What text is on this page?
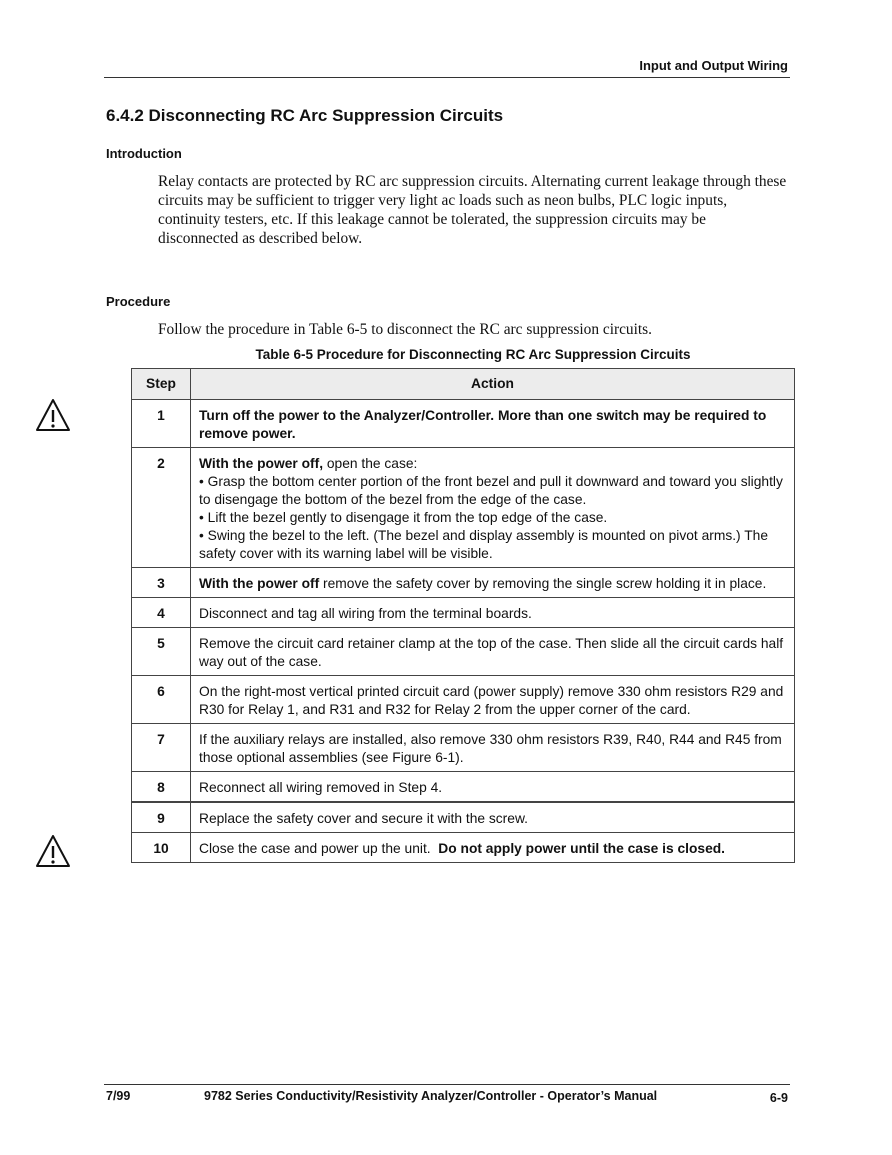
Input and Output Wiring
6.4.2 Disconnecting RC Arc Suppression Circuits
Introduction

Relay contacts are protected by RC arc suppression circuits. Alternating current leakage through these circuits may be sufficient to trigger very light ac loads such as neon bulbs, PLC logic inputs, continuity testers, etc. If this leakage cannot be tolerated, the suppression circuits may be disconnected as described below.

Procedure

Follow the procedure in Table 6-5 to disconnect the RC arc suppression circuits.

Table 6-5 Procedure for Disconnecting RC Arc Suppression Circuits
Step	Action
1	Turn off the power to the Analyzer/Controller. More than one switch may be required to remove power.

2	With the power off, open the case:
• Grasp the bottom center portion of the front bezel and pull it downward and toward you slightly to disengage the bottom of the bezel from the edge of the case.
• Lift the bezel gently to disengage it from the top edge of the case.
• Swing the bezel to the left. (The bezel and display assembly is mounted on pivot arms.) The safety cover with its warning label will be visible.

3	With the power off remove the safety cover by removing the single screw holding it in place.

4	Disconnect and tag all wiring from the terminal boards.

5	Remove the circuit card retainer clamp at the top of the case. Then slide all the circuit cards half way out of the case.

6	On the right-most vertical printed circuit card (power supply) remove 330 ohm resistors R29 and R30 for Relay 1, and R31 and R32 for Relay 2 from the upper corner of the card.

7	If the auxiliary relays are installed, also remove 330 ohm resistors R39, R40, R44 and R45 from those optional assemblies (see Figure 6-1).

8	Reconnect all wiring removed in Step 4.

9	Replace the safety cover and secure it with the screw.

10	Close the case and power up the unit.  Do not apply power until the case is closed.
7/99	9782 Series Conductivity/Resistivity Analyzer/Controller - Operator’s Manual	6-9
